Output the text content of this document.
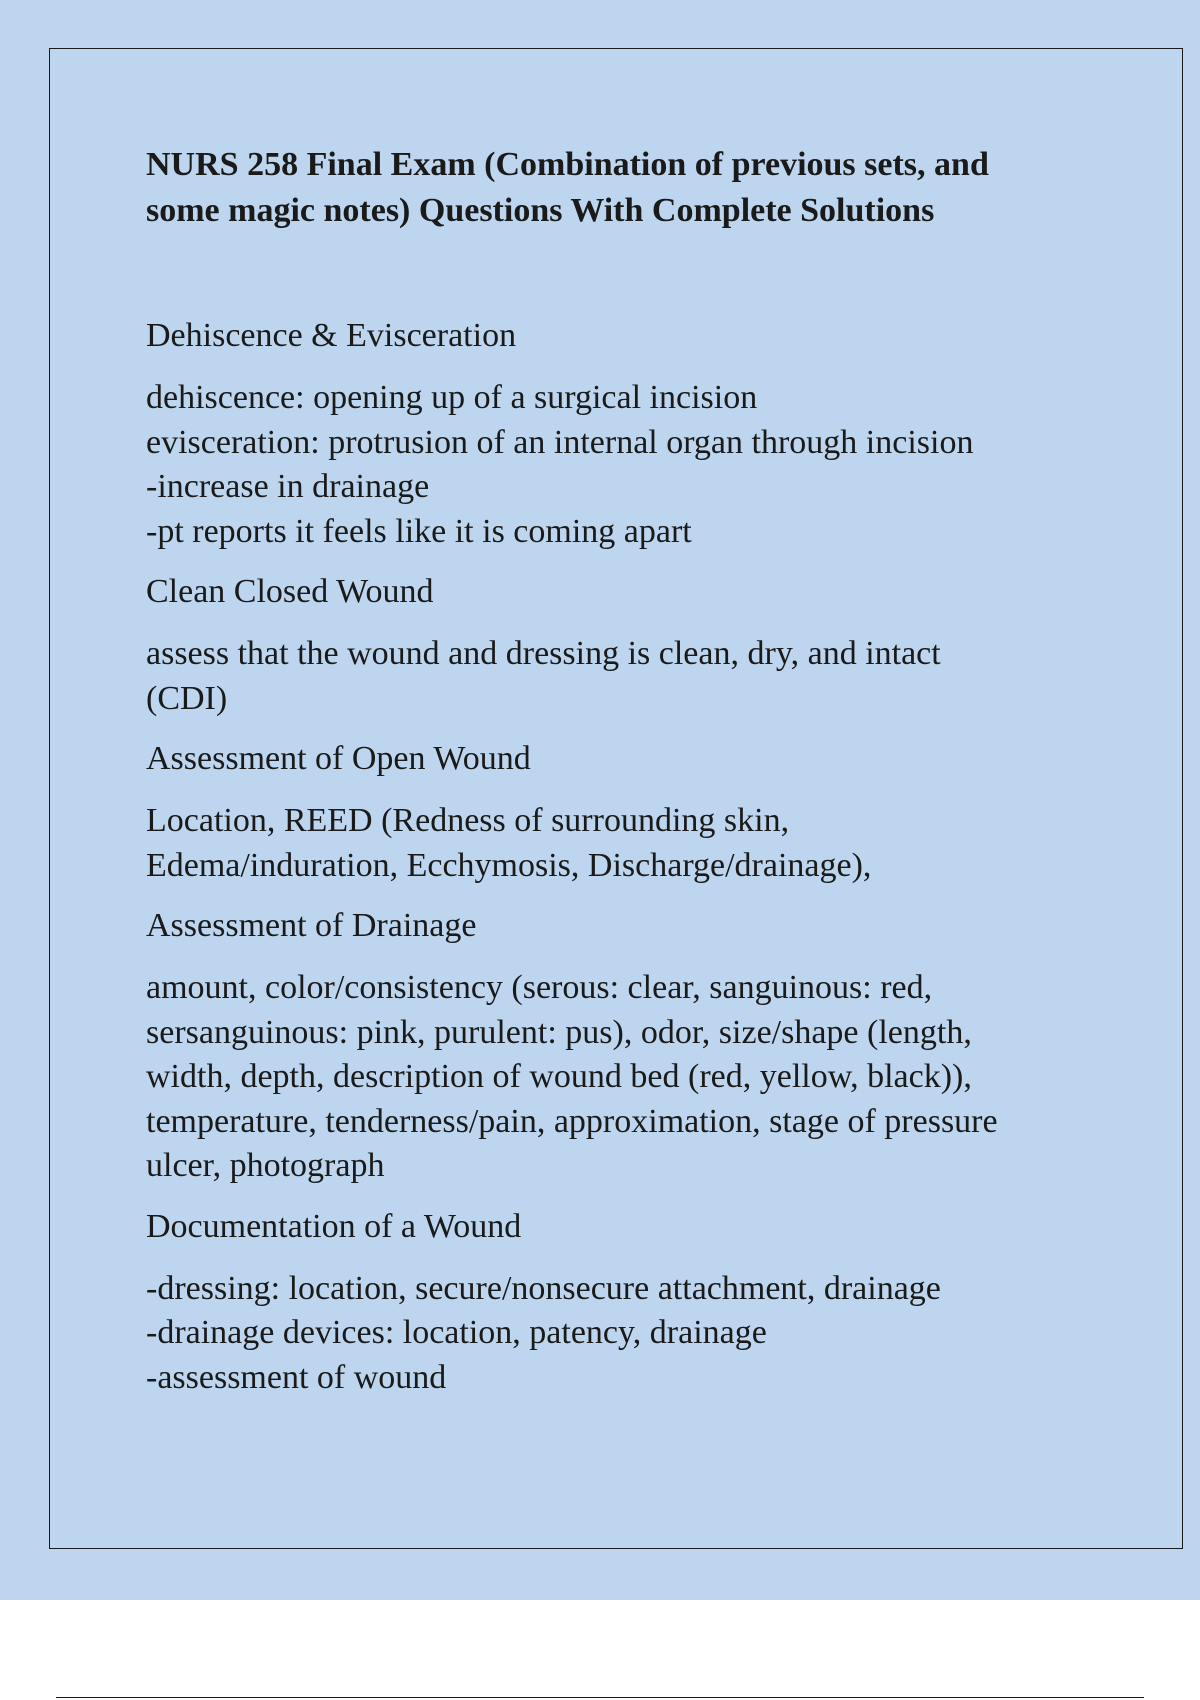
NURS 258 Final Exam (Combination of previous sets, and
some magic notes) Questions With Complete Solutions

Dehiscence & Evisceration

dehiscence: opening up of a surgical incision
evisceration: protrusion of an internal organ through incision
-increase in drainage
-pt reports it feels like it is coming apart

Clean Closed Wound

assess that the wound and dressing is clean, dry, and intact
(CDI)

Assessment of Open Wound

Location, REED (Redness of surrounding skin,
Edema/induration, Ecchymosis, Discharge/drainage),

Assessment of Drainage

amount, color/consistency (serous: clear, sanguinous: red,
sersanguinous: pink, purulent: pus), odor, size/shape (length,
width, depth, description of wound bed (red, yellow, black)),
temperature, tenderness/pain, approximation, stage of pressure
ulcer, photograph

Documentation of a Wound

-dressing: location, secure/nonsecure attachment, drainage
-drainage devices: location, patency, drainage
-assessment of wound
